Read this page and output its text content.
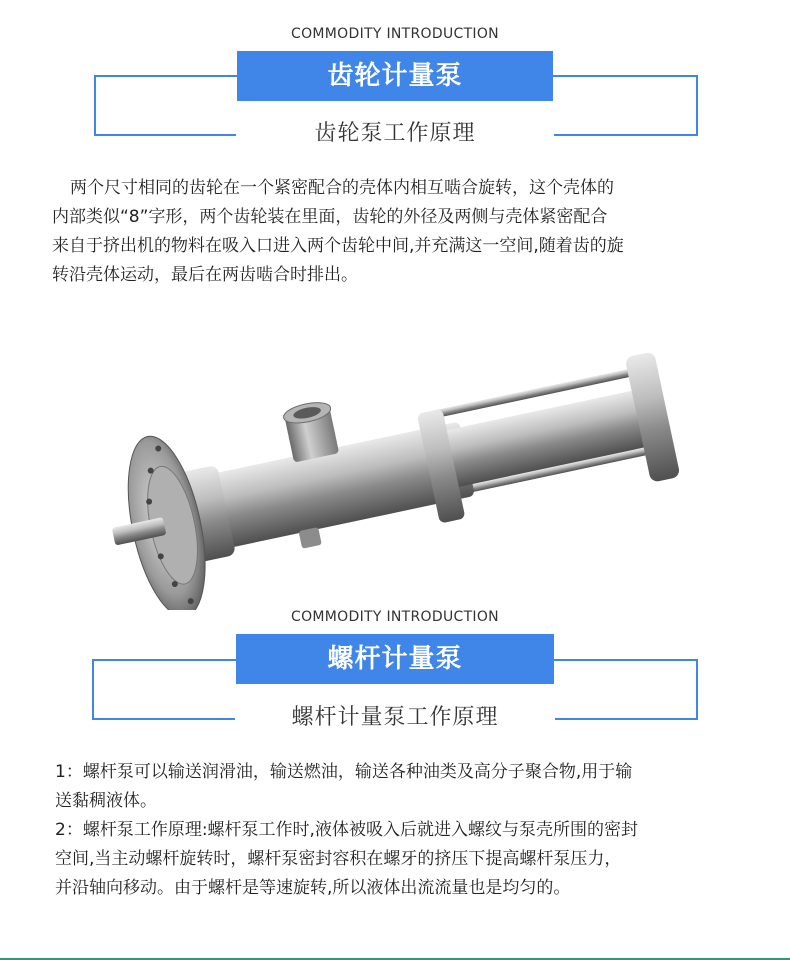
COMMODITY INTRODUCTION
齿轮计量泵
齿轮泵工作原理
两个尺寸相同的齿轮在一个紧密配合的壳体内相互啮合旋转，这个壳体的
内部类似“8”字形，两个齿轮装在里面，齿轮的外径及两侧与壳体紧密配合
来自于挤出机的物料在吸入口进入两个齿轮中间,并充满这一空间,随着齿的旋
转沿壳体运动，最后在两齿啮合时排出。
COMMODITY INTRODUCTION
螺杆计量泵
螺杆计量泵工作原理
1：螺杆泵可以输送润滑油，输送燃油，输送各种油类及高分子聚合物,用于输
送黏稠液体。
2：螺杆泵工作原理:螺杆泵工作时,液体被吸入后就进入螺纹与泵壳所围的密封
空间,当主动螺杆旋转时，螺杆泵密封容积在螺牙的挤压下提高螺杆泵压力，
并沿轴向移动。由于螺杆是等速旋转,所以液体出流流量也是均匀的。
